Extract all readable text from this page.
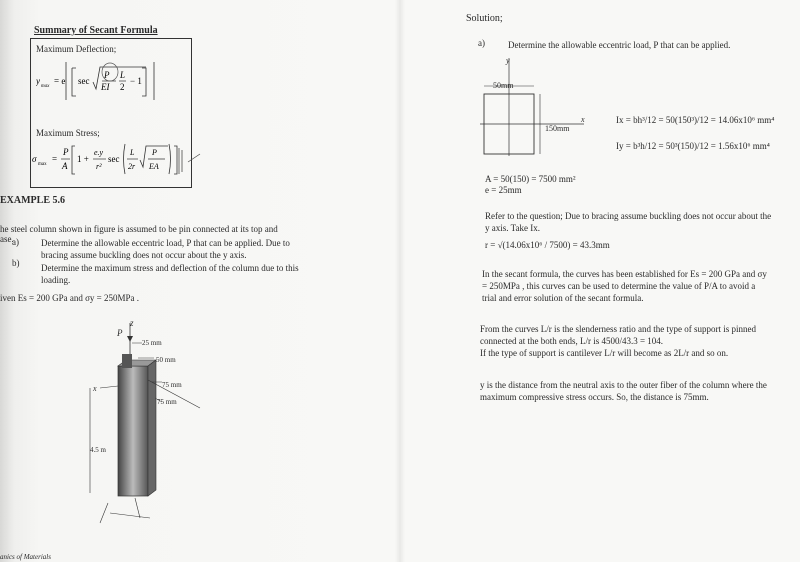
Summary of Secant Formula
Maximum Deflection;
y
max
= e sec
P
EI
L
2
− 1
Maximum Stress;
σ
max
=
P
A
1 +
e.y
r²
sec
L
2r
P
EA
EXAMPLE 5.6
he steel column shown in figure is assumed to be pin connected at its top and
ase.
a) Determine the allowable eccentric load, P that can be applied. Due to bracing assume buckling does not occur about the y axis.
b) Determine the maximum stress and deflection of the column due to this loading.
iven Es = 200 GPa and σy = 250MPa .
z
P
25 mm
50 mm
75 mm
75 mm
x
4.5 m
anics of Materials
Solution;
a)	Determine the allowable eccentric load, P that can be applied.
y
50mm
150mm
x	Ix = bh³/12 = 50(150³)/12 = 14.06x10⁶ mm⁴
Iy = b³h/12 = 50³(150)/12 = 1.56x10⁶ mm⁴
A = 50(150) = 7500 mm²
e = 25mm
Refer to the question; Due to bracing assume buckling does not occur about the y axis. Take Ix.
r = √(14.06x10⁶ / 7500) = 43.3mm
In the secant formula, the curves has been established for Es = 200 GPa and σy = 250MPa , this curves can be used to determine the value of P/A to avoid a trial and error solution of the secant formula.
From the curves L/r is the slenderness ratio and the type of support is pinned connected at the both ends, L/r is 4500/43.3 = 104.
If the type of support is cantilever L/r will become as 2L/r and so on.
y is the distance from the neutral axis to the outer fiber of the column where the maximum compressive stress occurs. So, the distance is 75mm.
